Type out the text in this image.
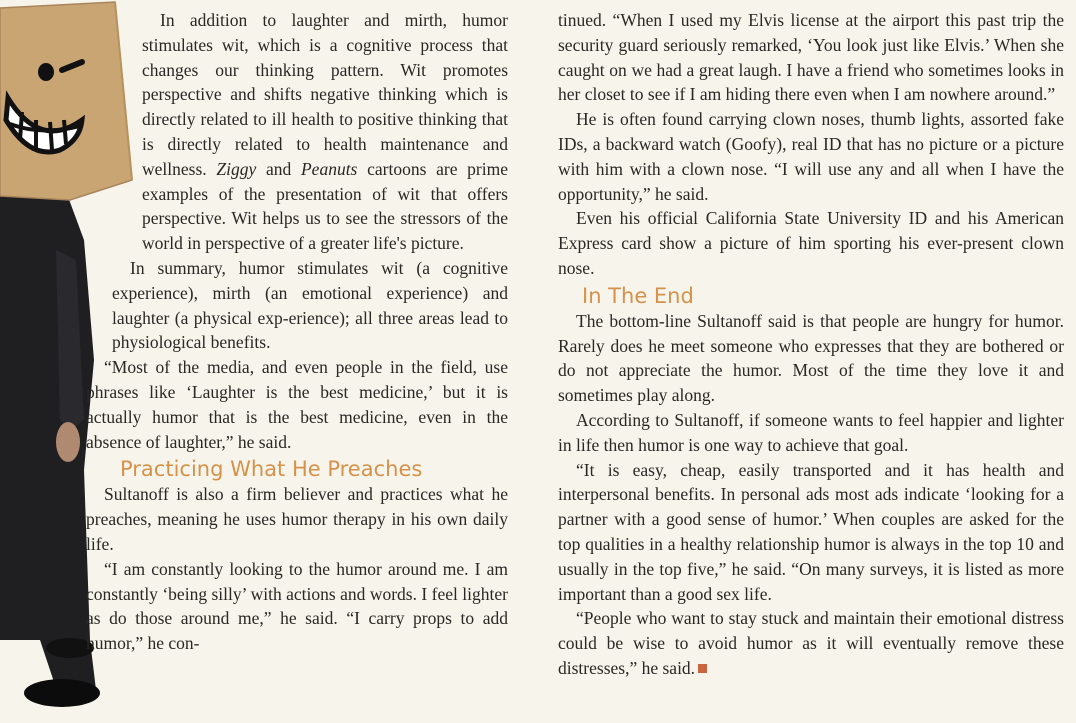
In addition to laughter and mirth, humor stimulates wit, which is a cognitive process that changes our thinking pattern. Wit promotes perspective and shifts negative thinking which is directly related to ill health to positive thinking that is directly related to health maintenance and wellness. Ziggy and Peanuts cartoons are prime examples of the presentation of wit that offers perspective. Wit helps us to see the stressors of the world in perspective of a greater life's picture.

In summary, humor stimulates wit (a cognitive experience), mirth (an emotional experience) and laughter (a physical exp-erience); all three areas lead to physiological benefits.

“Most of the media, and even people in the field, use phrases like ‘Laughter is the best medicine,’ but it is actually humor that is the best medicine, even in the absence of laughter,” he said.

Practicing What He Preaches

Sultanoff is also a firm believer and practices what he preaches, meaning he uses humor therapy in his own daily life.

“I am constantly looking to the humor around me. I am constantly ‘being silly’ with actions and words. I feel lighter as do those around me,” he said. “I carry props to add humor,” he con-

tinued. “When I used my Elvis license at the airport this past trip the security guard seriously remarked, ‘You look just like Elvis.’ When she caught on we had a great laugh. I have a friend who sometimes looks in her closet to see if I am hiding there even when I am nowhere around.”

He is often found carrying clown noses, thumb lights, assorted fake IDs, a backward watch (Goofy), real ID that has no picture or a picture with him with a clown nose. “I will use any and all when I have the opportunity,” he said.

Even his official California State University ID and his American Express card show a picture of him sporting his ever-present clown nose.

In The End

The bottom-line Sultanoff said is that people are hungry for humor. Rarely does he meet someone who expresses that they are bothered or do not appreciate the humor. Most of the time they love it and sometimes play along.

According to Sultanoff, if someone wants to feel happier and lighter in life then humor is one way to achieve that goal.

“It is easy, cheap, easily transported and it has health and interpersonal benefits. In personal ads most ads indicate ‘looking for a partner with a good sense of humor.’ When couples are asked for the top qualities in a healthy relationship humor is always in the top 10 and usually in the top five,” he said. “On many surveys, it is listed as more important than a good sex life.

“People who want to stay stuck and maintain their emotional distress could be wise to avoid humor as it will eventually remove these distresses,” he said.
